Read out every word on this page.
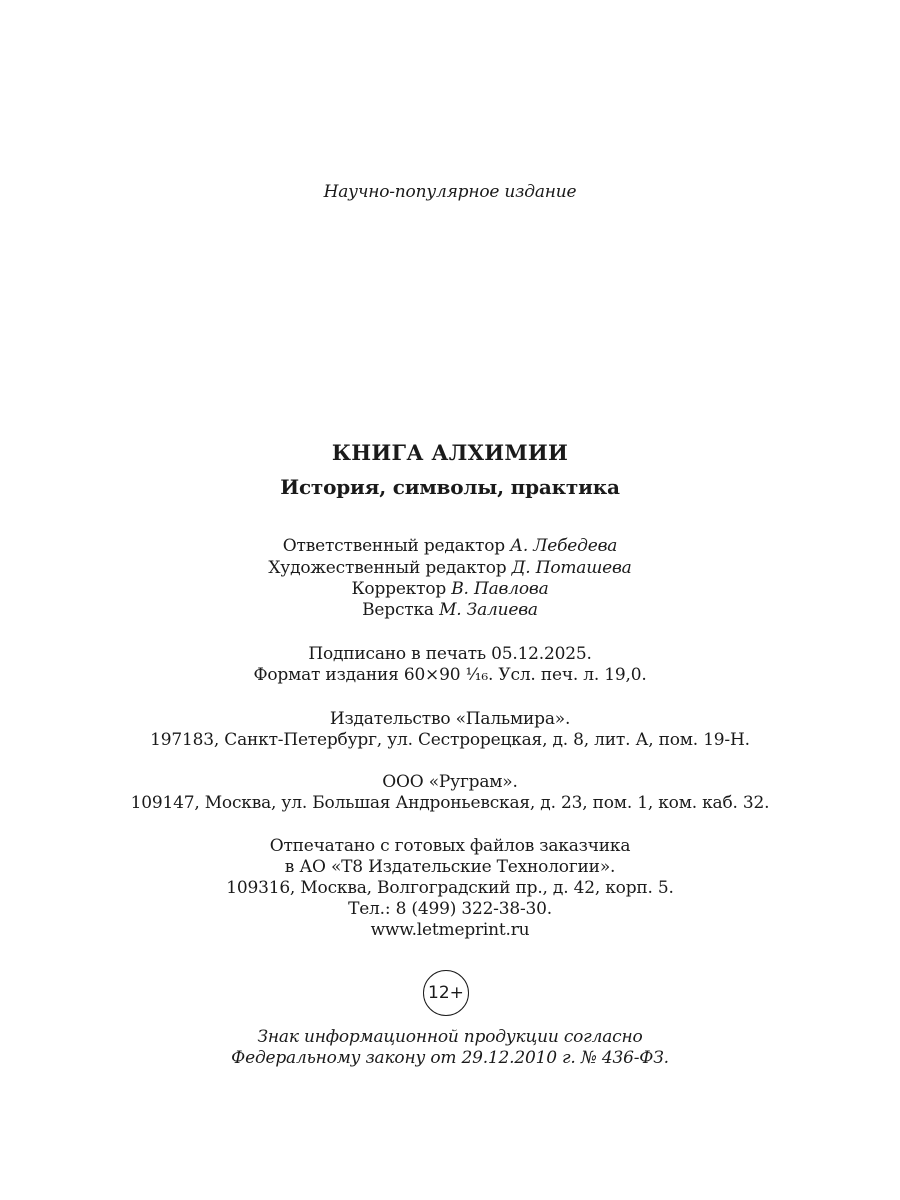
Научно-популярное издание
КНИГА АЛХИМИИ
История, символы, практика
Ответственный редактор А. Лебедева
Художественный редактор Д. Поташева
Корректор В. Павлова
Верстка М. Залиева
Подписано в печать 05.12.2025.
Формат издания 60×90 ¹⁄₁₆. Усл. печ. л. 19,0.
Издательство «Пальмира».
197183, Санкт-Петербург, ул. Сестрорецкая, д. 8, лит. А, пом. 19-Н.
ООО «Руграм».
109147, Москва, ул. Большая Андроньевская, д. 23, пом. 1, ком. каб. 32.
Отпечатано с готовых файлов заказчика
в АО «Т8 Издательские Технологии».
109316, Москва, Волгоградский пр., д. 42, корп. 5.
Тел.: 8 (499) 322-38-30.
www.letmeprint.ru
12+
Знак информационной продукции согласно
Федеральному закону от 29.12.2010 г. № 436-ФЗ.
